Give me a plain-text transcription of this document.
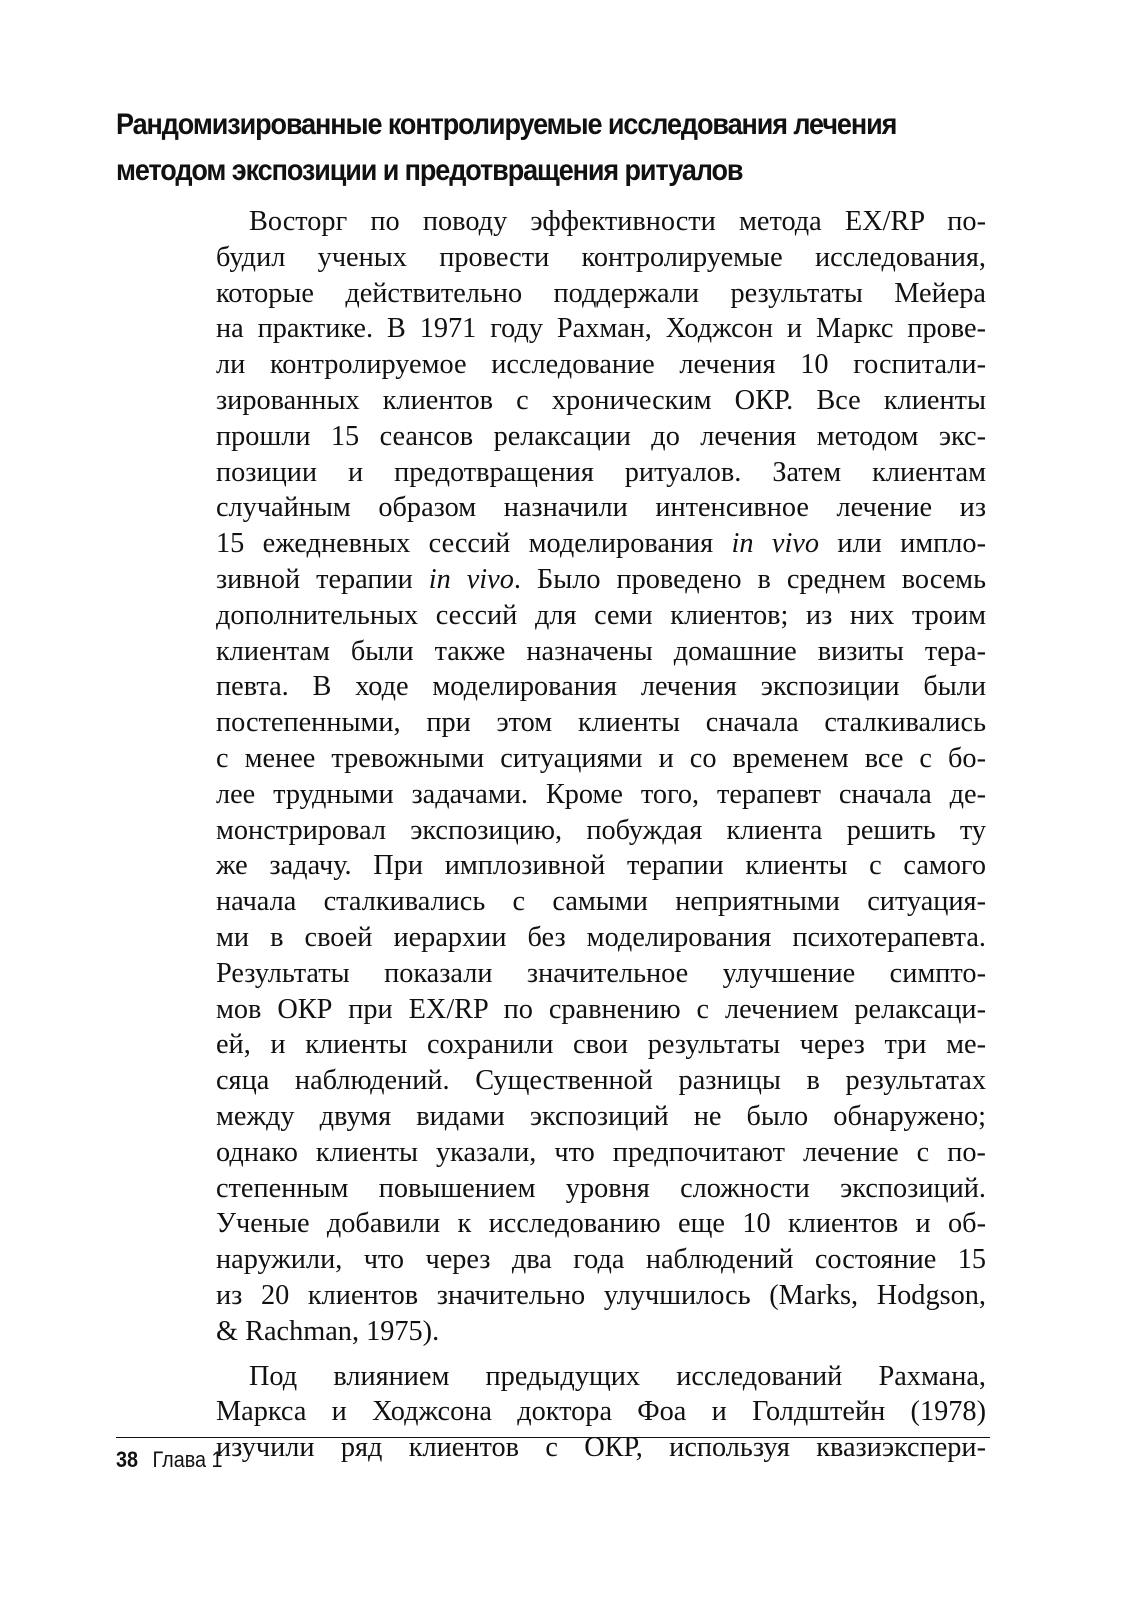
Рандомизированные контролируемые исследования лечения
методом экспозиции и предотвращения ритуалов
Восторг по поводу эффективности метода EX/RP по-
будил ученых провести контролируемые исследования,
которые действительно поддержали результаты Мейера
на практике. В 1971 году Рахман, Ходжсон и Маркс прове-
ли контролируемое исследование лечения 10 госпитали-
зированных клиентов с хроническим ОКР. Все клиенты
прошли 15 сеансов релаксации до лечения методом экс-
позиции и предотвращения ритуалов. Затем клиентам
случайным образом назначили интенсивное лечение из
15 ежедневных сессий моделирования in vivo или импло-
зивной терапии in vivo. Было проведено в среднем восемь
дополнительных сессий для семи клиентов; из них троим
клиентам были также назначены домашние визиты тера-
певта. В ходе моделирования лечения экспозиции были
постепенными, при этом клиенты сначала сталкивались
с менее тревожными ситуациями и со временем все с бо-
лее трудными задачами. Кроме того, терапевт сначала де-
монстрировал экспозицию, побуждая клиента решить ту
же задачу. При имплозивной терапии клиенты с самого
начала сталкивались с самыми неприятными ситуация-
ми в своей иерархии без моделирования психотерапевта.
Результаты показали значительное улучшение симпто-
мов ОКР при EX/RP по сравнению с лечением релаксаци-
ей, и клиенты сохранили свои результаты через три ме-
сяца наблюдений. Существенной разницы в результатах
между двумя видами экспозиций не было обнаружено;
однако клиенты указали, что предпочитают лечение с по-
степенным повышением уровня сложности экспозиций.
Ученые добавили к исследованию еще 10 клиентов и об-
наружили, что через два года наблюдений состояние 15
из 20 клиентов значительно улучшилось (Marks, Hodgson,
& Rachman, 1975).
Под влиянием предыдущих исследований Рахмана,
Маркса и Ходжсона доктора Фоа и Голдштейн (1978)
изучили ряд клиентов с ОКР, используя квазиэкспери-
38 Глава 1
